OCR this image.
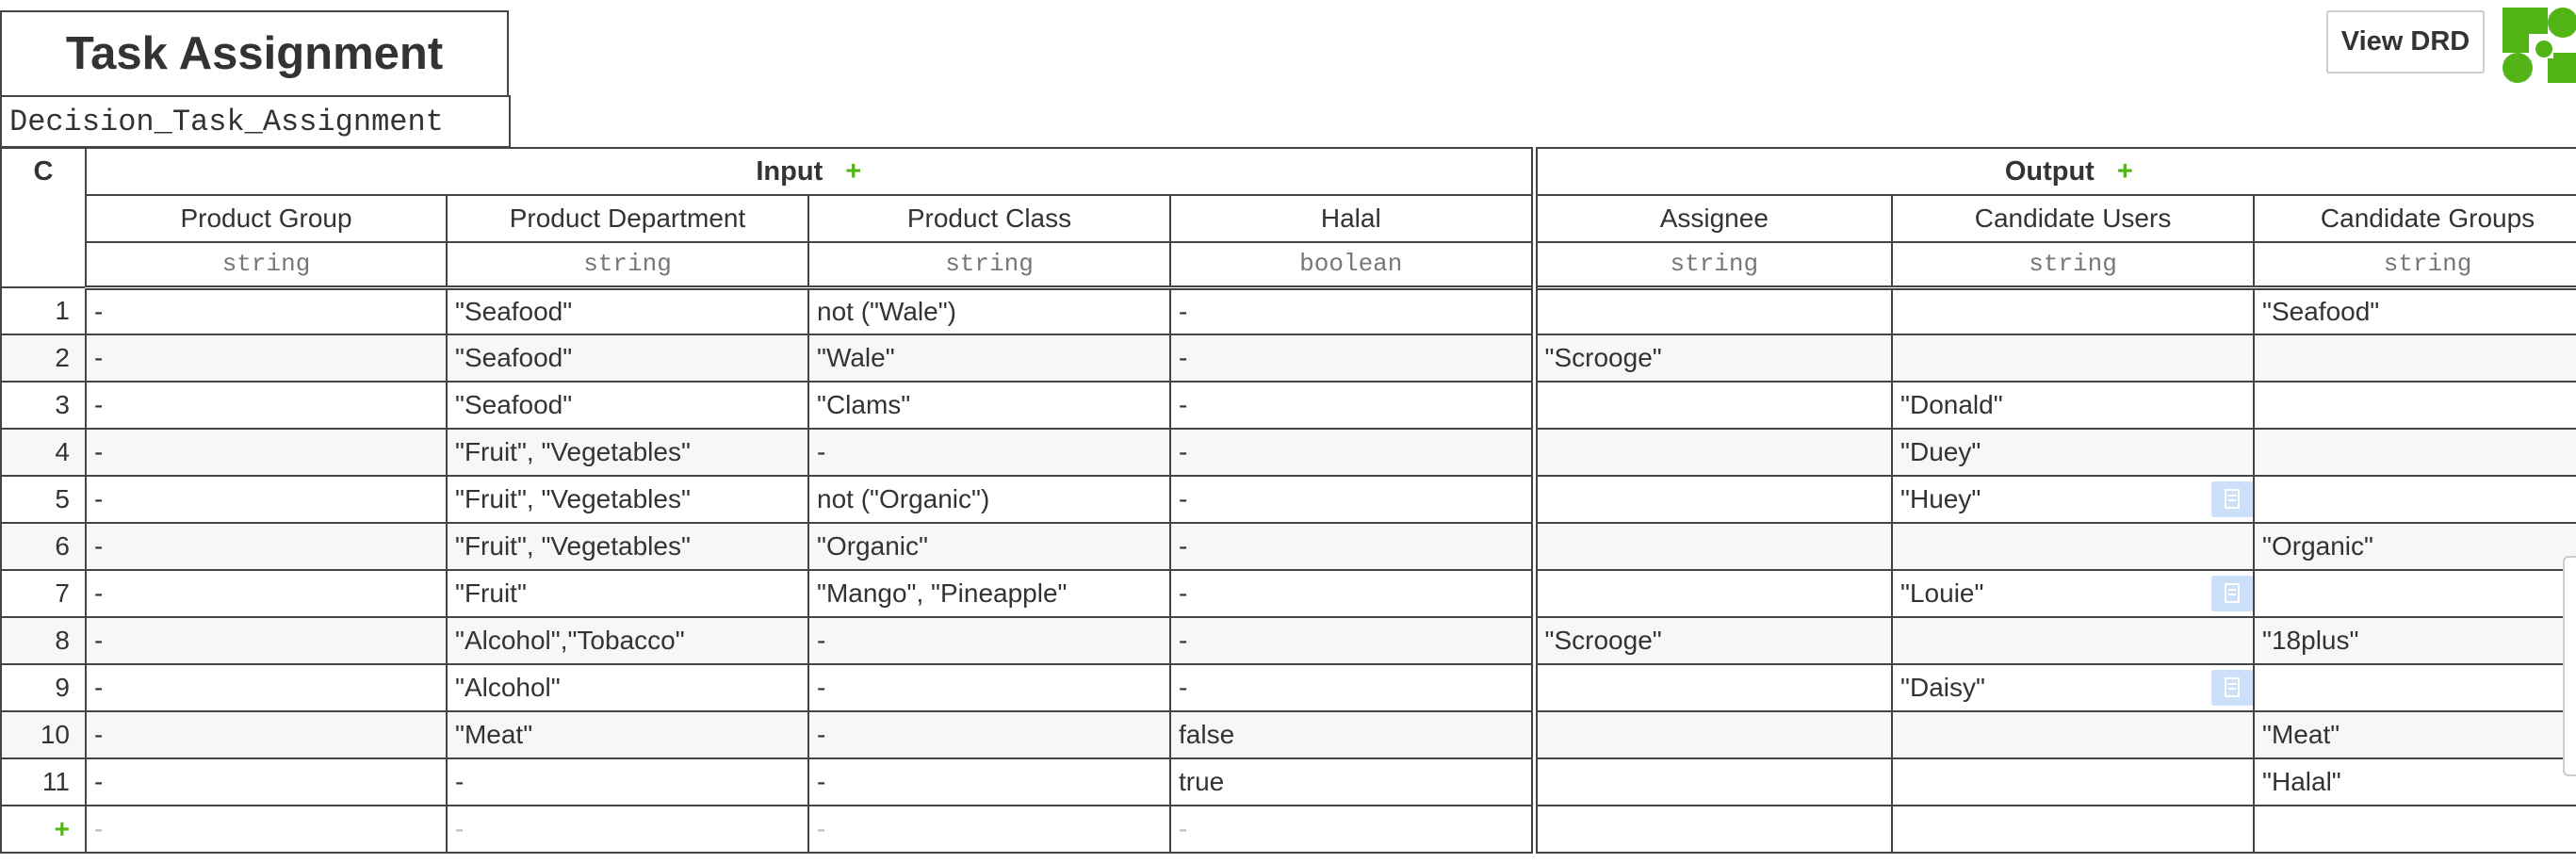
Task Assignment
Decision_Task_Assignment
View DRD
C	Input +				Output +		
	Product Group	Product Department	Product Class	Halal	Assignee	Candidate Users	Candidate Groups
	string	string	string	boolean	string	string	string
1	-	"Seafood"	not ("Wale")	-			"Seafood"
2	-	"Seafood"	"Wale"	-	"Scrooge"		
3	-	"Seafood"	"Clams"	-		"Donald"	
4	-	"Fruit", "Vegetables"	-	-		"Duey"	
5	-	"Fruit", "Vegetables"	not ("Organic")	-		"Huey"

6	-	"Fruit", "Vegetables"	"Organic"	-			"Organic"
7	-	"Fruit"	"Mango", "Pineapple"	-		"Louie"

8	-	"Alcohol","Tobacco"	-	-	"Scrooge"		"18plus"
9	-	"Alcohol"	-	-		"Daisy"

10	-	"Meat"	-	false			"Meat"
11	-	-	-	true			"Halal"
+	-	-	-	-			
